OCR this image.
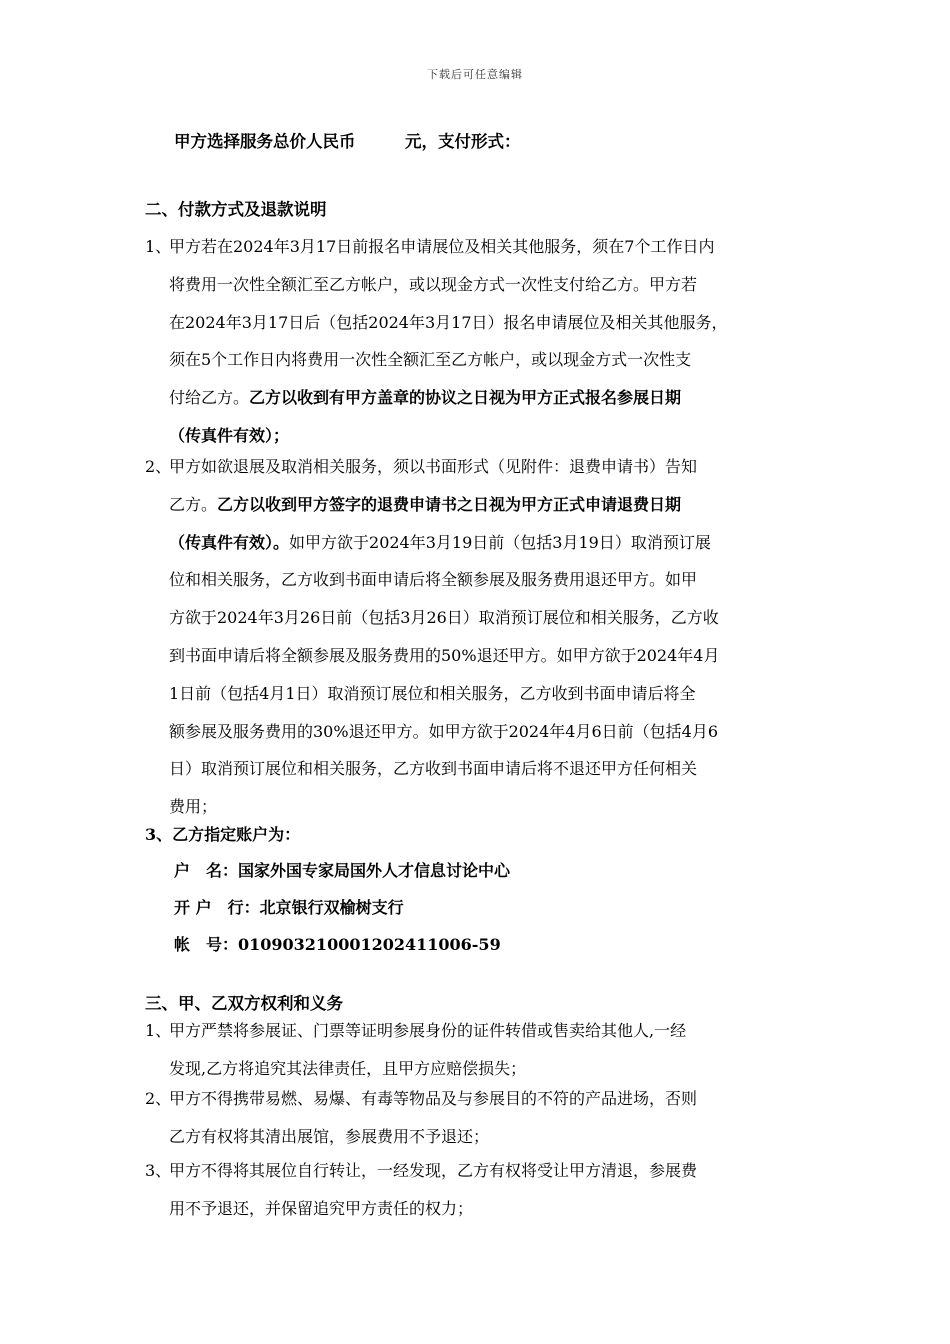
下载后可任意编辑
甲方选择服务总价人民币　　　元，支付形式：
二、付款方式及退款说明
1、

甲方若在2024年3月17日前报名申请展位及相关其他服务，须在7个工作日内

将费用一次性全额汇至乙方帐户，或以现金方式一次性支付给乙方。甲方若

在2024年3月17日后（包括2024年3月17日）报名申请展位及相关其他服务，

须在5个工作日内将费用一次性全额汇至乙方帐户，或以现金方式一次性支

付给乙方。乙方以收到有甲方盖章的协议之日视为甲方正式报名参展日期

（传真件有效）；

2、

甲方如欲退展及取消相关服务，须以书面形式（见附件：退费申请书）告知

乙方。乙方以收到甲方签字的退费申请书之日视为甲方正式申请退费日期

（传真件有效）。如甲方欲于2024年3月19日前（包括3月19日）取消预订展

位和相关服务，乙方收到书面申请后将全额参展及服务费用退还甲方。如甲

方欲于2024年3月26日前（包括3月26日）取消预订展位和相关服务，乙方收

到书面申请后将全额参展及服务费用的50%退还甲方。如甲方欲于2024年4月

1日前（包括4月1日）取消预订展位和相关服务，乙方收到书面申请后将全

额参展及服务费用的30%退还甲方。如甲方欲于2024年4月6日前（包括4月6

日）取消预订展位和相关服务，乙方收到书面申请后将不退还甲方任何相关

费用；

3、乙方指定账户为：
户　名：国家外国专家局国外人才信息讨论中心
开 户　行：北京银行双榆树支行
帐　号：01090321000120241100​6-59
三、甲、乙双方权利和义务
1、

甲方严禁将参展证、门票等证明参展身份的证件转借或售卖给其他人,一经

发现,乙方将追究其法律责任，且甲方应赔偿损失；

2、

甲方不得携带易燃、易爆、有毒等物品及与参展目的不符的产品进场，否则

乙方有权将其清出展馆，参展费用不予退还；

3、

甲方不得将其展位自行转让，一经发现，乙方有权将受让甲方清退，参展费

用不予退还，并保留追究甲方责任的权力；
